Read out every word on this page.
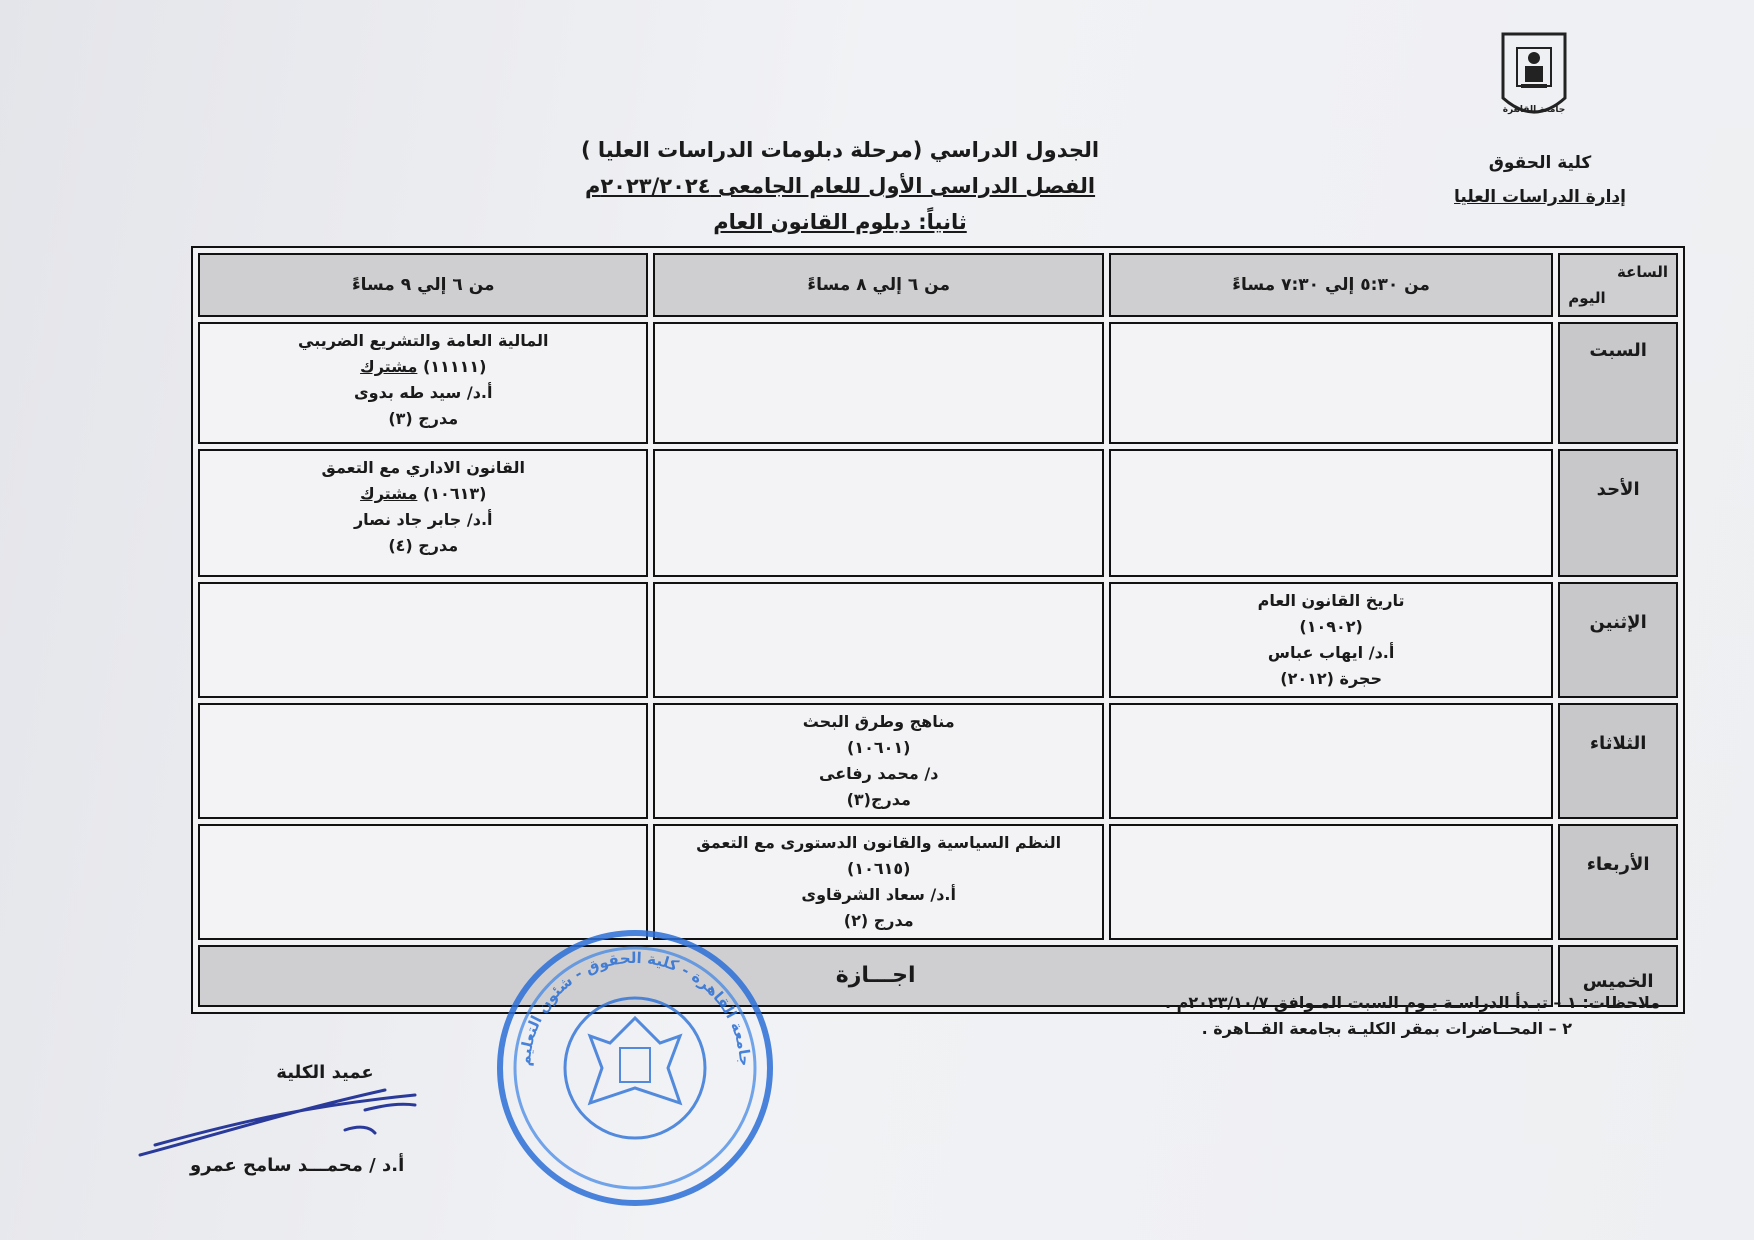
جامعة القاهرة
كلية الحقوق
إدارة الدراسات العليا
الجدول الدراسي (مرحلة دبلومات الدراسات العليا )
الفصل الدراسى الأول للعام الجامعى ٢٠٢٣/٢٠٢٤م
ثانياً: دبلوم القانون العام
الساعة
اليوم	من ٥:٣٠ إلي ٧:٣٠ مساءً	من ٦ إلي ٨ مساءً	من ٦ إلي ٩ مساءً
السبت			المالية العامة والتشريع الضريبي
(١١١١١) مشترك
أ.د/ سيد طه بدوى
مدرج (٣)

الأحد			القانون الاداري مع التعمق
(١٠٦١٣) مشترك
أ.د/ جابر جاد نصار
مدرج (٤)

الإثنين	تاريخ القانون العام
(١٠٩٠٢)
أ.د/ ايهاب عباس
حجرة (٢٠١٢)		

الثلاثاء		مناهج وطرق البحث
(١٠٦٠١)
د/ محمد رفاعى
مدرج(٣)	

الأربعاء		النظم السياسية والقانون الدستورى مع التعمق
(١٠٦١٥)
أ.د/ سعاد الشرقاوى
مدرج (٢)	

الخميس	اجـــازة		
ملاحظات: ١ – تبـدأ الدراسـة يـوم السبت المـوافق ٢٠٢٣/١٠/٧م .
٢ – المحــاضرات بمقر الكليـة بجامعة القــاهرة .
جامعة القاهرة - كلية الحقوق - شئون التعليم
عميد الكلية
أ.د / محمـــد سامح عمرو
